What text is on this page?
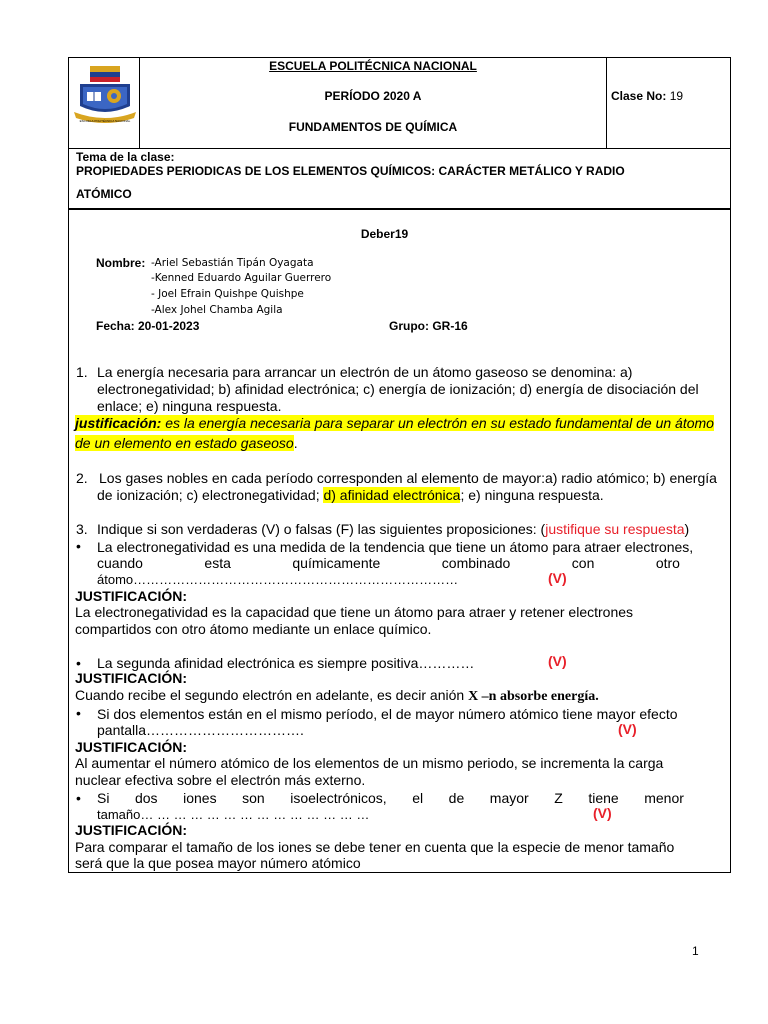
ESCUELA POLITÉCNICA NACIONAL
ESCUELA POLITÉCNICA NACIONAL
PERÍODO 2020 A
FUNDAMENTOS DE QUÍMICA
Clase No: 19
Tema de la clase:
PROPIEDADES PERIODICAS DE LOS ELEMENTOS QUÍMICOS: CARÁCTER METÁLICO Y RADIO
ATÓMICO
Deber19
Nombre: -Ariel Sebastián Tipán Oyagata
-Kenned Eduardo Aguilar Guerrero
- Joel Efrain Quishpe Quishpe
-Alex Johel Chamba Agila
Fecha: 20-01-2023	Grupo: GR-16
1. La energía necesaria para arrancar un electrón de un átomo gaseoso se denomina: a)
electronegatividad; b) afinidad electrónica; c) energía de ionización; d) energía de disociación del
enlace; e) ninguna respuesta.
justificación: es la energía necesaria para separar un electrón en su estado fundamental de un átomo
de un elemento en estado gaseoso.
2. Los gases nobles en cada período corresponden al elemento de mayor:a) radio atómico; b) energía
de ionización; c) electronegatividad; d) afinidad electrónica; e) ninguna respuesta.
3. Indique si son verdaderas (V) o falsas (F) las siguientes proposiciones: (justifique su respuesta)
• La electronegatividad es una medida de la tendencia que tiene un átomo para atraer electrones,
cuando	esta	químicamente	combinado	con	otro
átomo…………………………………………………………………	(V)
JUSTIFICACIÓN:
La electronegatividad es la capacidad que tiene un átomo para atraer y retener electrones
compartidos con otro átomo mediante un enlace químico.
• La segunda afinidad electrónica es siempre positiva…………	(V)
JUSTIFICACIÓN:
Cuando recibe el segundo electrón en adelante, es decir anión X –n absorbe energía.
• Si dos elementos están en el mismo período, el de mayor número atómico tiene mayor efecto
pantalla…………………………….	(V)
JUSTIFICACIÓN:
Al aumentar el número atómico de los elementos de un mismo periodo, se incrementa la carga
nuclear efectiva sobre el electrón más externo.
• Si dos iones son isoelectrónicos, el de mayor Z tiene menor
tamaño… … … … … … … … … … … … … …	(V)
JUSTIFICACIÓN:
Para comparar el tamaño de los iones se debe tener en cuenta que la especie de menor tamaño
será que la que posea mayor número atómico
1
